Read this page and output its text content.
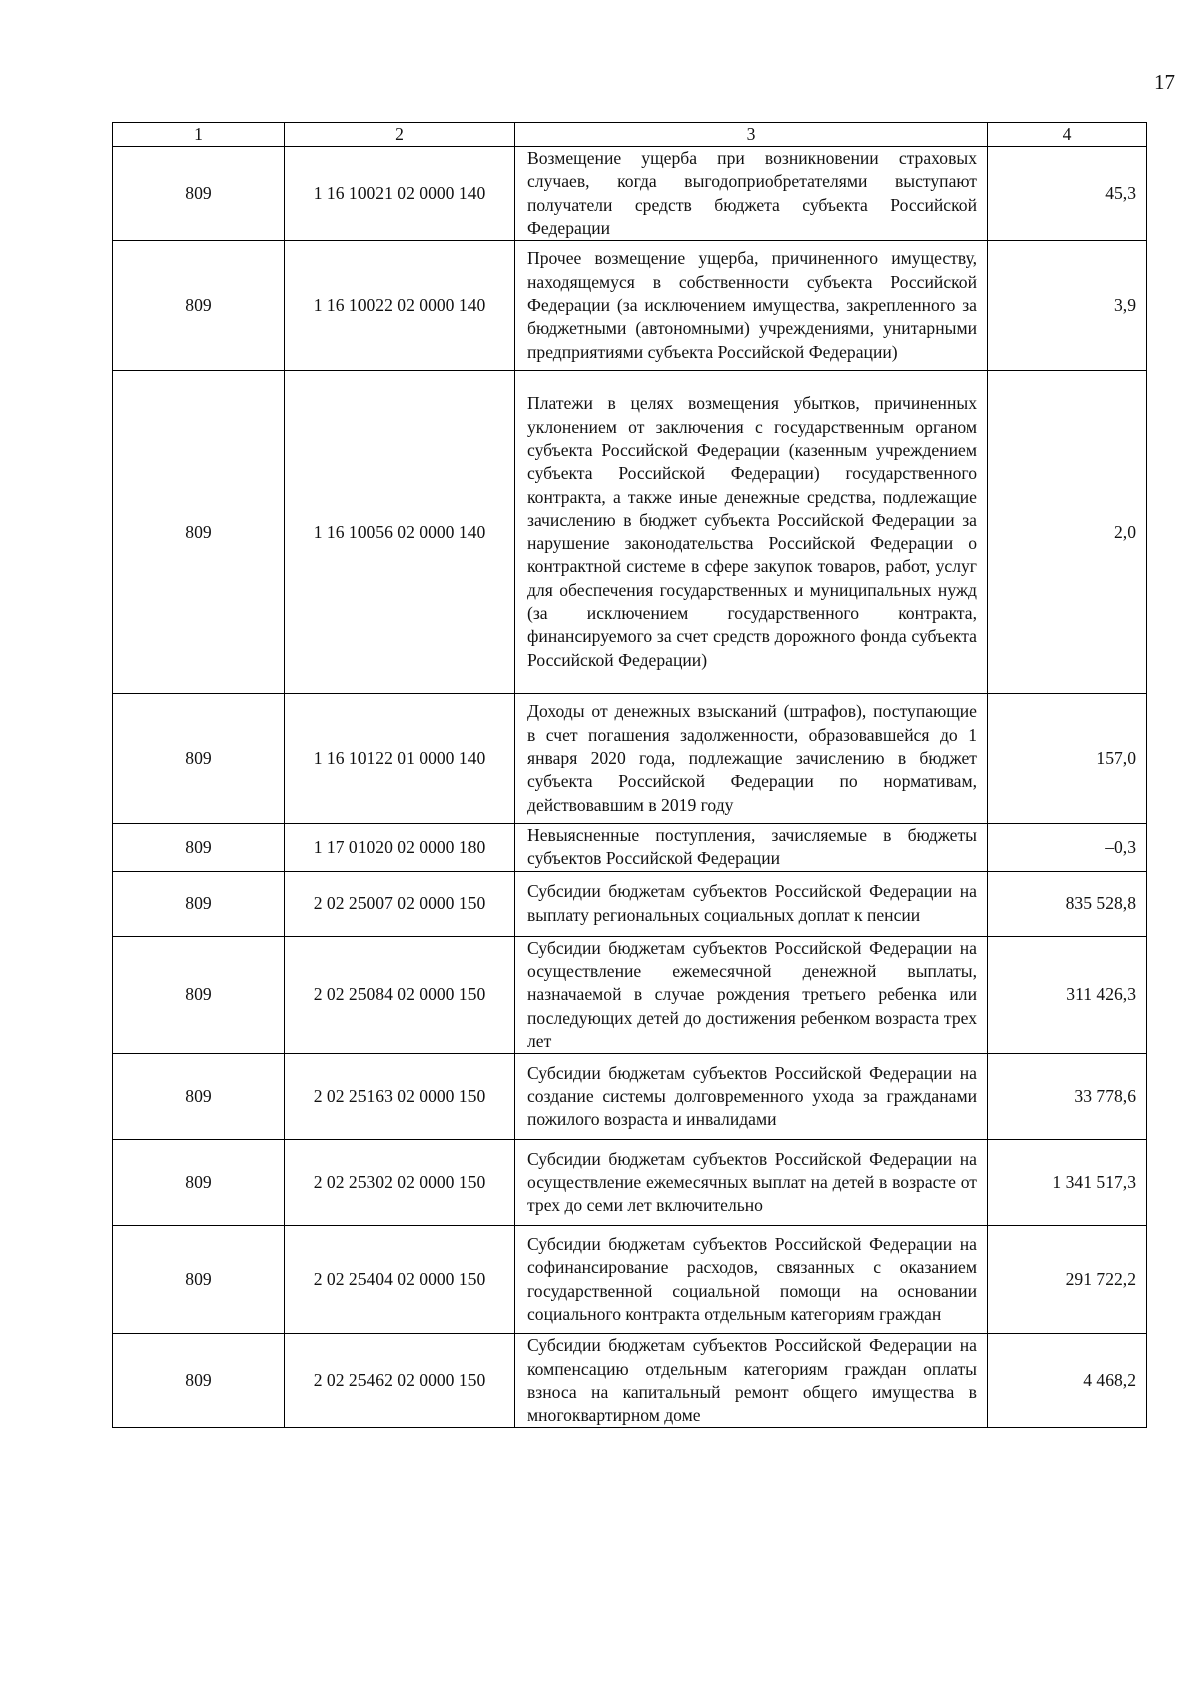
17
1	2	3	4
809	1 16 10021 02 0000 140	Возмещение ущерба при возникновении страховых случаев, когда выгодоприобретателями выступают получатели средств бюджета субъекта Российской Федерации	45,3
809	1 16 10022 02 0000 140	Прочее возмещение ущерба, причиненного имуществу, находящемуся в собственности субъекта Российской Федерации (за исключением имущества, закрепленного за бюджетными (автономными) учреждениями, унитарными предприятиями субъекта Российской Федерации)	3,9
809	1 16 10056 02 0000 140	Платежи в целях возмещения убытков, причиненных уклонением от заключения с государственным органом субъекта Российской Федерации (казенным учреждением субъекта Российской Федерации) государственного контракта, а также иные денежные средства, подлежащие зачислению в бюджет субъекта Российской Федерации за нарушение законодательства Российской Федерации о контрактной системе в сфере закупок товаров, работ, услуг для обеспечения государственных и муниципальных нужд (за исключением государственного контракта, финансируемого за счет средств дорожного фонда субъекта Российской Федерации)	2,0
809	1 16 10122 01 0000 140	Доходы от денежных взысканий (штрафов), поступающие в счет погашения задолженности, образовавшейся до 1 января 2020 года, подлежащие зачислению в бюджет субъекта Российской Федерации по нормативам, действовавшим в 2019 году	157,0
809	1 17 01020 02 0000 180	Невыясненные поступления, зачисляемые в бюджеты субъектов Российской Федерации	–0,3
809	2 02 25007 02 0000 150	Субсидии бюджетам субъектов Российской Федерации на выплату региональных социальных доплат к пенсии	835 528,8
809	2 02 25084 02 0000 150	Субсидии бюджетам субъектов Российской Федерации на осуществление ежемесячной денежной выплаты, назначаемой в случае рождения третьего ребенка или последующих детей до достижения ребенком возраста трех лет	311 426,3
809	2 02 25163 02 0000 150	Субсидии бюджетам субъектов Российской Федерации на создание системы долговременного ухода за гражданами пожилого возраста и инвалидами	33 778,6
809	2 02 25302 02 0000 150	Субсидии бюджетам субъектов Российской Федерации на осуществление ежемесячных выплат на детей в возрасте от трех до семи лет включительно	1 341 517,3
809	2 02 25404 02 0000 150	Субсидии бюджетам субъектов Российской Федерации на софинансирование расходов, связанных с оказанием государственной социальной помощи на основании социального контракта отдельным категориям граждан	291 722,2
809	2 02 25462 02 0000 150	Субсидии бюджетам субъектов Российской Федерации на компенсацию отдельным категориям граждан оплаты взноса на капитальный ремонт общего имущества в многоквартирном доме	4 468,2
